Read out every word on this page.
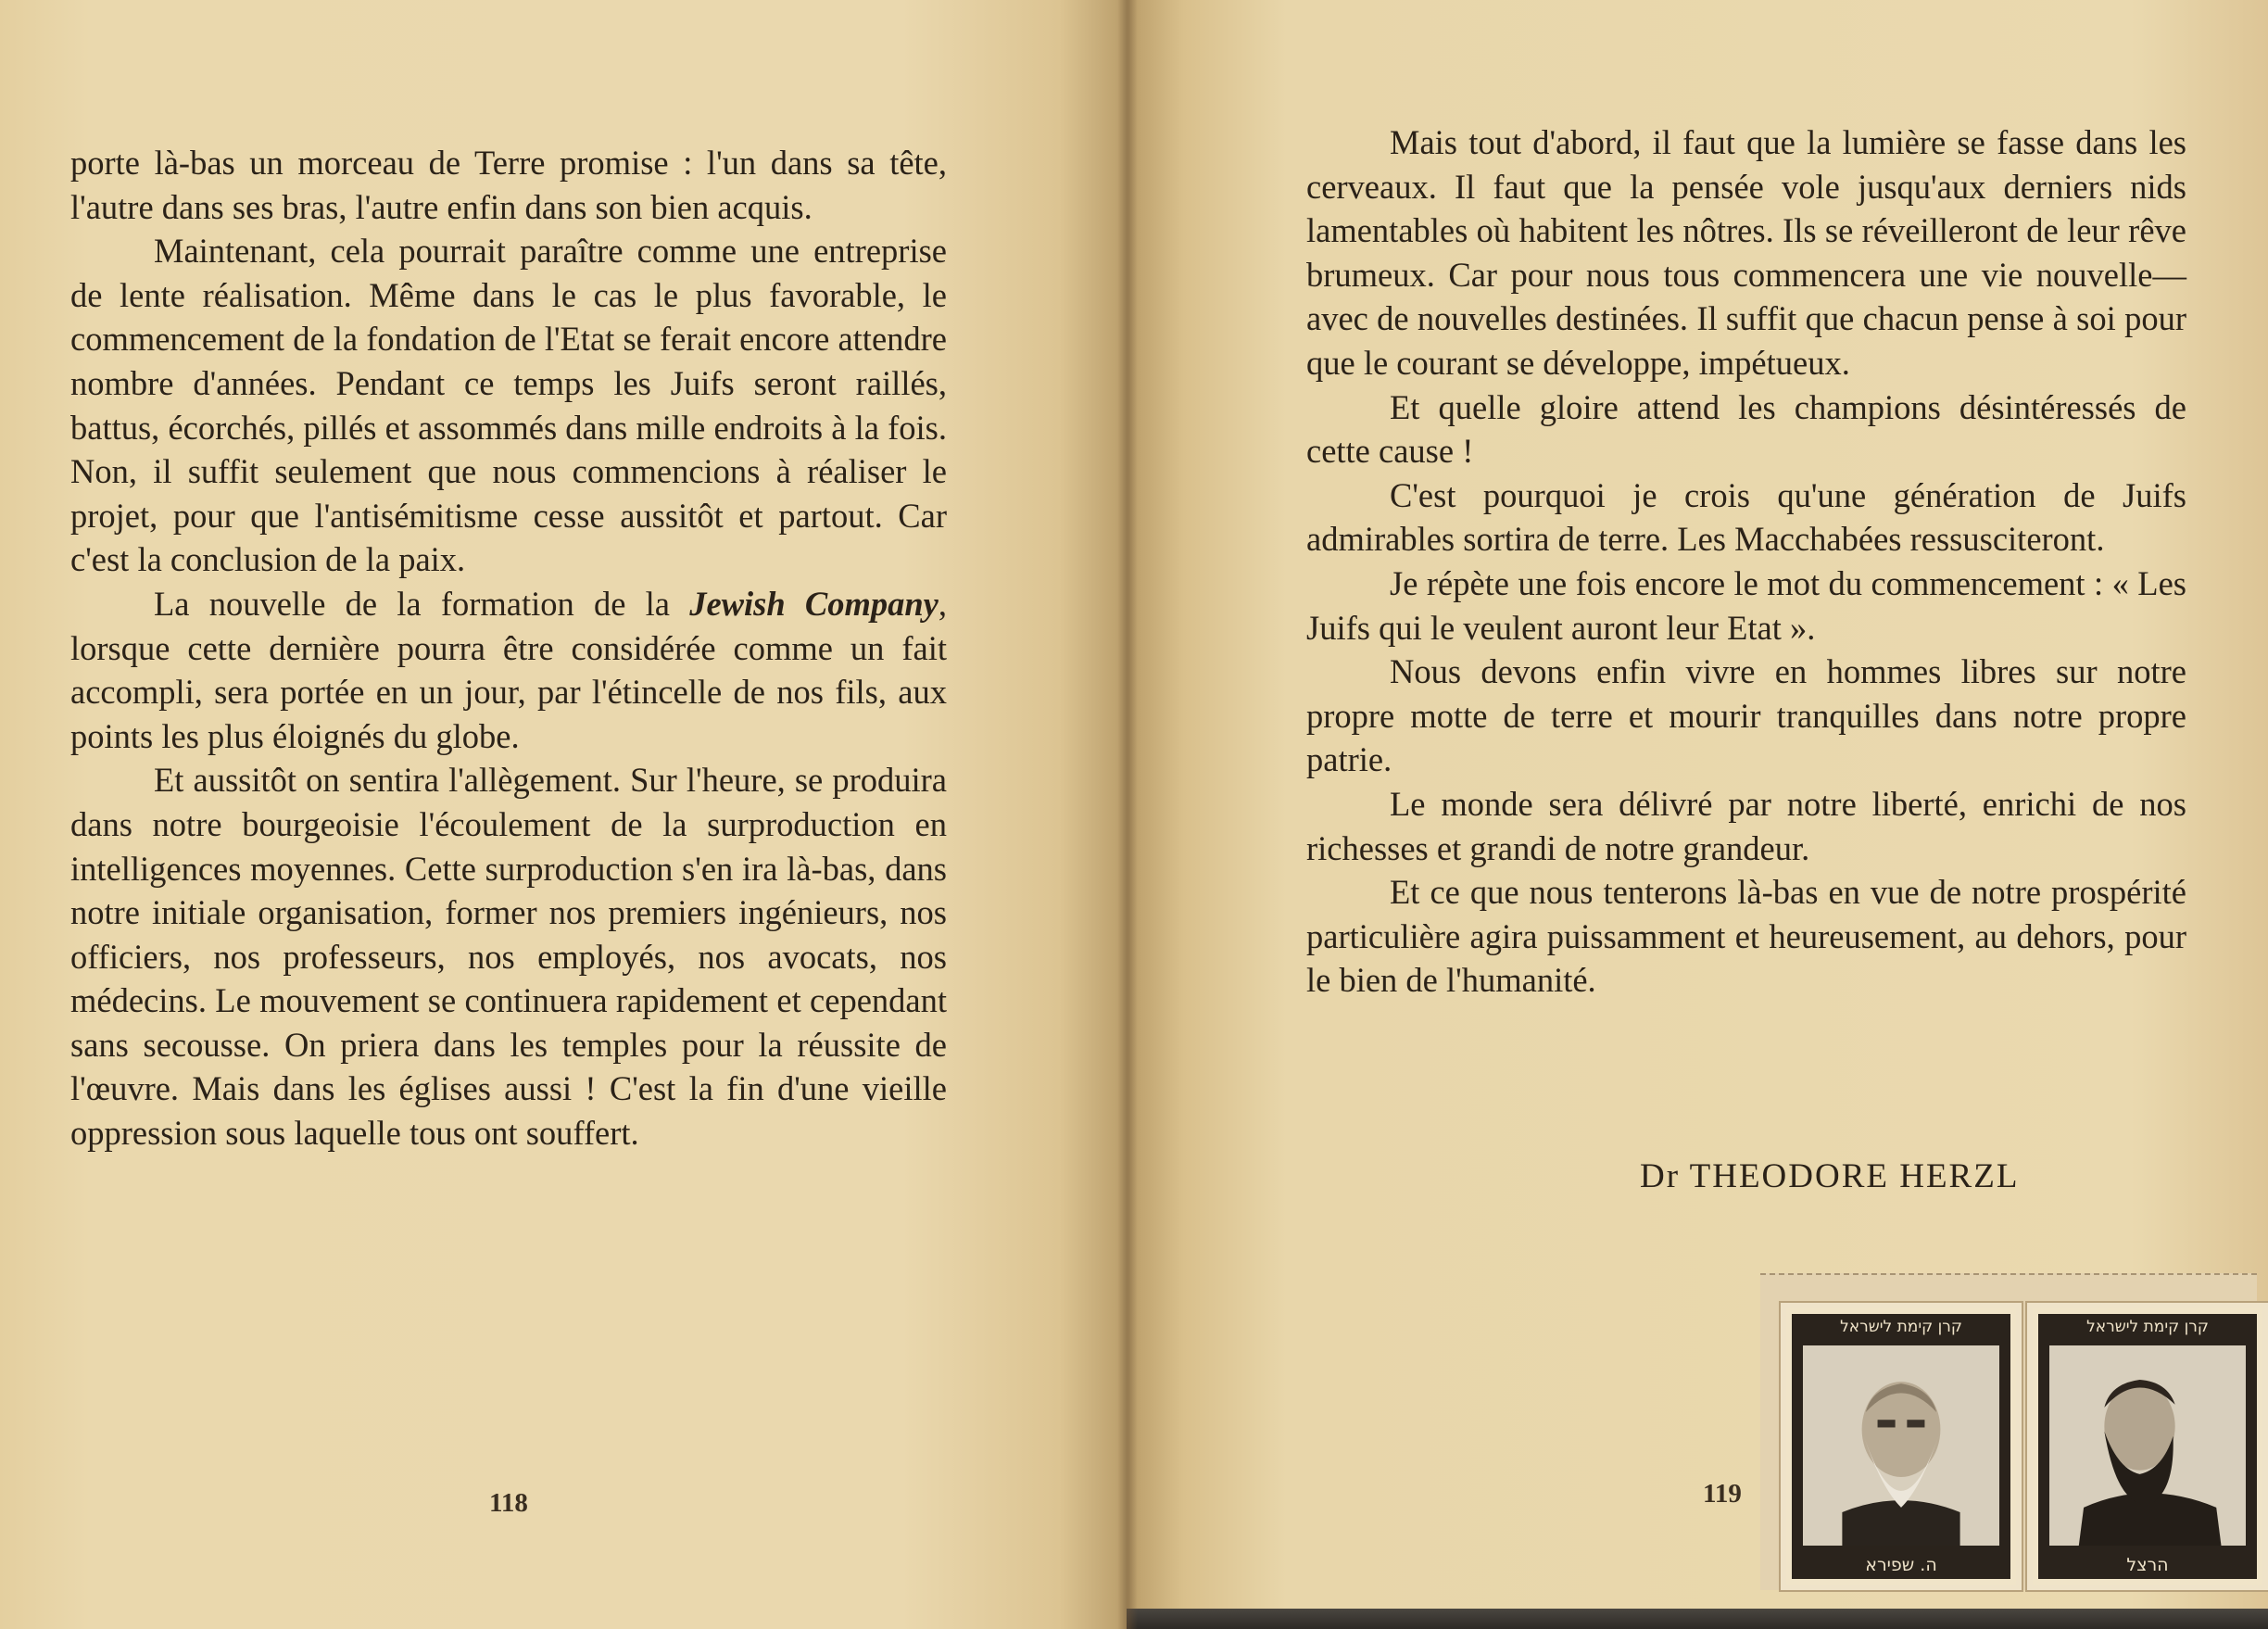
porte là-bas un morceau de Terre promise : l'un dans sa tête, l'autre dans ses bras, l'autre enfin dans son bien acquis.

Maintenant, cela pourrait paraître comme une entreprise de lente réalisation. Même dans le cas le plus favorable, le commencement de la fondation de l'Etat se ferait encore attendre nombre d'années. Pendant ce temps les Juifs seront raillés, battus, écorchés, pillés et assommés dans mille endroits à la fois. Non, il suffit seulement que nous commencions à réaliser le projet, pour que l'antisémitisme cesse aussitôt et partout. Car c'est la conclusion de la paix.

La nouvelle de la formation de la Jewish Company, lorsque cette dernière pourra être considérée comme un fait accompli, sera portée en un jour, par l'étincelle de nos fils, aux points les plus éloignés du globe.

Et aussitôt on sentira l'allègement. Sur l'heure, se produira dans notre bourgeoisie l'écoulement de la surproduction en intelligences moyennes. Cette surproduction s'en ira là-bas, dans notre initiale organisation, former nos premiers ingénieurs, nos officiers, nos professeurs, nos employés, nos avocats, nos médecins. Le mouvement se continuera rapidement et cependant sans secousse. On priera dans les temples pour la réussite de l'œuvre. Mais dans les églises aussi ! C'est la fin d'une vieille oppression sous laquelle tous ont souffert.

118

Mais tout d'abord, il faut que la lumière se fasse dans les cerveaux. Il faut que la pensée vole jusqu'aux derniers nids lamentables où habitent les nôtres. Ils se réveilleront de leur rêve brumeux. Car pour nous tous commencera une vie nouvelle—avec de nouvelles destinées. Il suffit que chacun pense à soi pour que le courant se développe, impétueux.

Et quelle gloire attend les champions désintéressés de cette cause !

C'est pourquoi je crois qu'une génération de Juifs admirables sortira de terre. Les Macchabées ressusciteront.

Je répète une fois encore le mot du commencement : « Les Juifs qui le veulent auront leur Etat ».

Nous devons enfin vivre en hommes libres sur notre propre motte de terre et mourir tranquilles dans notre propre patrie.

Le monde sera délivré par notre liberté, enrichi de nos richesses et grandi de notre grandeur.

Et ce que nous tenterons là-bas en vue de notre prospérité particulière agira puissamment et heureusement, au dehors, pour le bien de l'humanité.

Dr THEODORE HERZL
119
קרן קימת לישראל
ה. שפירא
קרן קימת לישראל
הרצל
